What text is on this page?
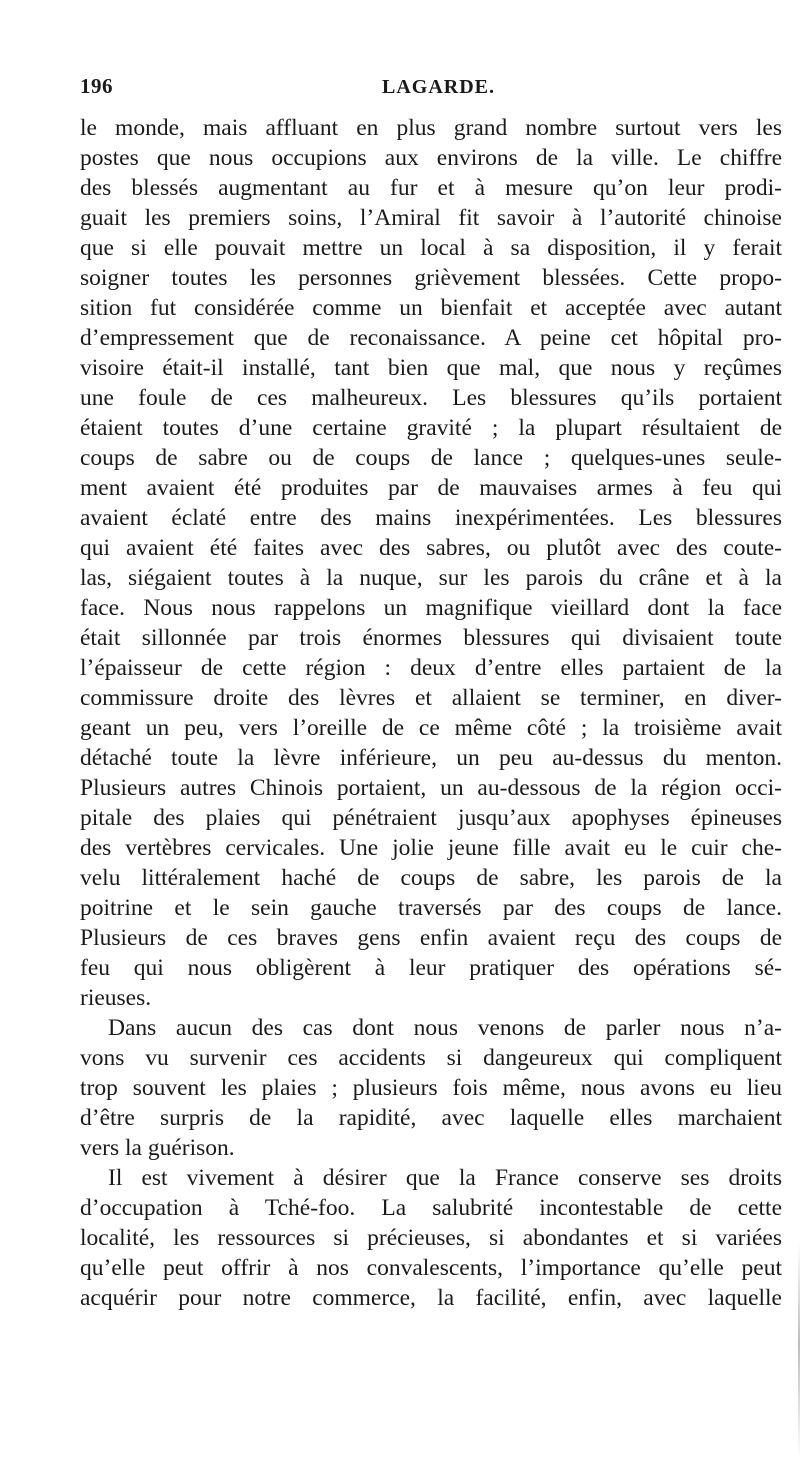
196	LAGARDE.
le monde, mais affluant en plus grand nombre surtout vers les
postes que nous occupions aux environs de la ville. Le chiffre
des blessés augmentant au fur et à mesure qu’on leur prodi-
guait les premiers soins, l’Amiral fit savoir à l’autorité chinoise
que si elle pouvait mettre un local à sa disposition, il y ferait
soigner toutes les personnes grièvement blessées. Cette propo-
sition fut considérée comme un bienfait et acceptée avec autant
d’empressement que de reconaissance. A peine cet hôpital pro-
visoire était-il installé, tant bien que mal, que nous y reçûmes
une foule de ces malheureux. Les blessures qu’ils portaient
étaient toutes d’une certaine gravité ; la plupart résultaient de
coups de sabre ou de coups de lance ; quelques-unes seule-
ment avaient été produites par de mauvaises armes à feu qui
avaient éclaté entre des mains inexpérimentées. Les blessures
qui avaient été faites avec des sabres, ou plutôt avec des coute-
las, siégaient toutes à la nuque, sur les parois du crâne et à la
face. Nous nous rappelons un magnifique vieillard dont la face
était sillonnée par trois énormes blessures qui divisaient toute
l’épaisseur de cette région : deux d’entre elles partaient de la
commissure droite des lèvres et allaient se terminer, en diver-
geant un peu, vers l’oreille de ce même côté ; la troisième avait
détaché toute la lèvre inférieure, un peu au-dessus du menton.
Plusieurs autres Chinois portaient, un au-dessous de la région occi-
pitale des plaies qui pénétraient jusqu’aux apophyses épineuses
des vertèbres cervicales. Une jolie jeune fille avait eu le cuir che-
velu littéralement haché de coups de sabre, les parois de la
poitrine et le sein gauche traversés par des coups de lance.
Plusieurs de ces braves gens enfin avaient reçu des coups de
feu qui nous obligèrent à leur pratiquer des opérations sé-
rieuses.
Dans aucun des cas dont nous venons de parler nous n’a-
vons vu survenir ces accidents si dangeureux qui compliquent
trop souvent les plaies ; plusieurs fois même, nous avons eu lieu
d’être surpris de la rapidité, avec laquelle elles marchaient
vers la guérison.
Il est vivement à désirer que la France conserve ses droits
d’occupation à Tché-foo. La salubrité incontestable de cette
localité, les ressources si précieuses, si abondantes et si variées
qu’elle peut offrir à nos convalescents, l’importance qu’elle peut
acquérir pour notre commerce, la facilité, enfin, avec laquelle
